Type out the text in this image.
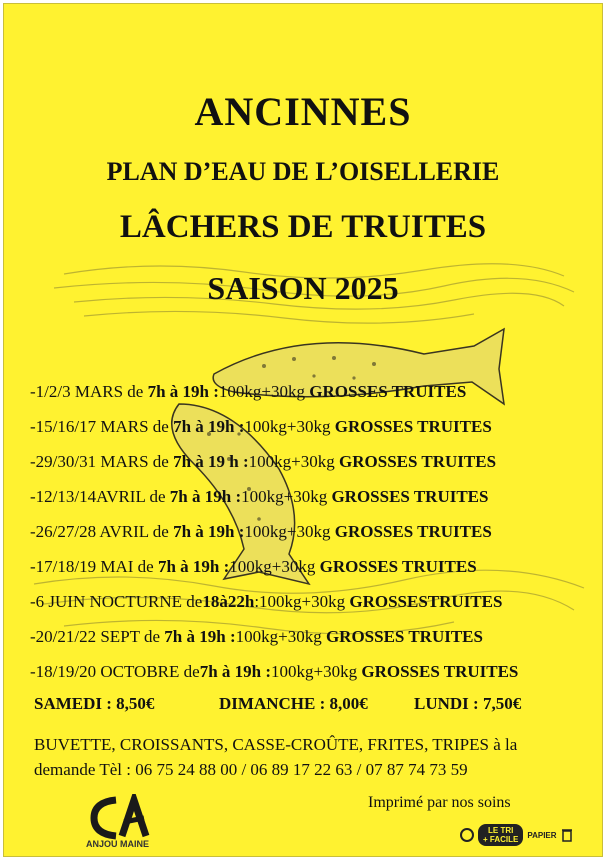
ANCINNES
PLAN D’EAU DE L’OISELLERIE
LÂCHERS DE TRUITES
SAISON 2025
-1/2/3 MARS de 7h à 19h :100kg+30kg GROSSES TRUITES
-15/16/17 MARS de 7h à 19h :100kg+30kg GROSSES TRUITES
-29/30/31 MARS de 7h à 19 h :100kg+30kg GROSSES TRUITES
-12/13/14AVRIL de 7h à 19h :100kg+30kg GROSSES TRUITES
-26/27/28 AVRIL de 7h à 19h :100kg+30kg GROSSES TRUITES
-17/18/19 MAI de 7h à 19h :100kg+30kg GROSSES TRUITES
-6 JUIN NOCTURNE de18à22h:100kg+30kg GROSSESTRUITES
-20/21/22 SEPT de 7h à 19h :100kg+30kg GROSSES TRUITES
-18/19/20 OCTOBRE de7h à 19h :100kg+30kg GROSSES TRUITES
SAMEDI : 8,50€	DIMANCHE : 8,00€	LUNDI : 7,50€
BUVETTE, CROISSANTS, CASSE-CROÛTE, FRITES, TRIPES à la demande Tèl : 06 75 24 88 00 / 06 89 17 22 63 / 07 87 74 73 59
ANJOU MAINE
Imprimé par nos soins
LE TRI
+ FACILE PAPIER
